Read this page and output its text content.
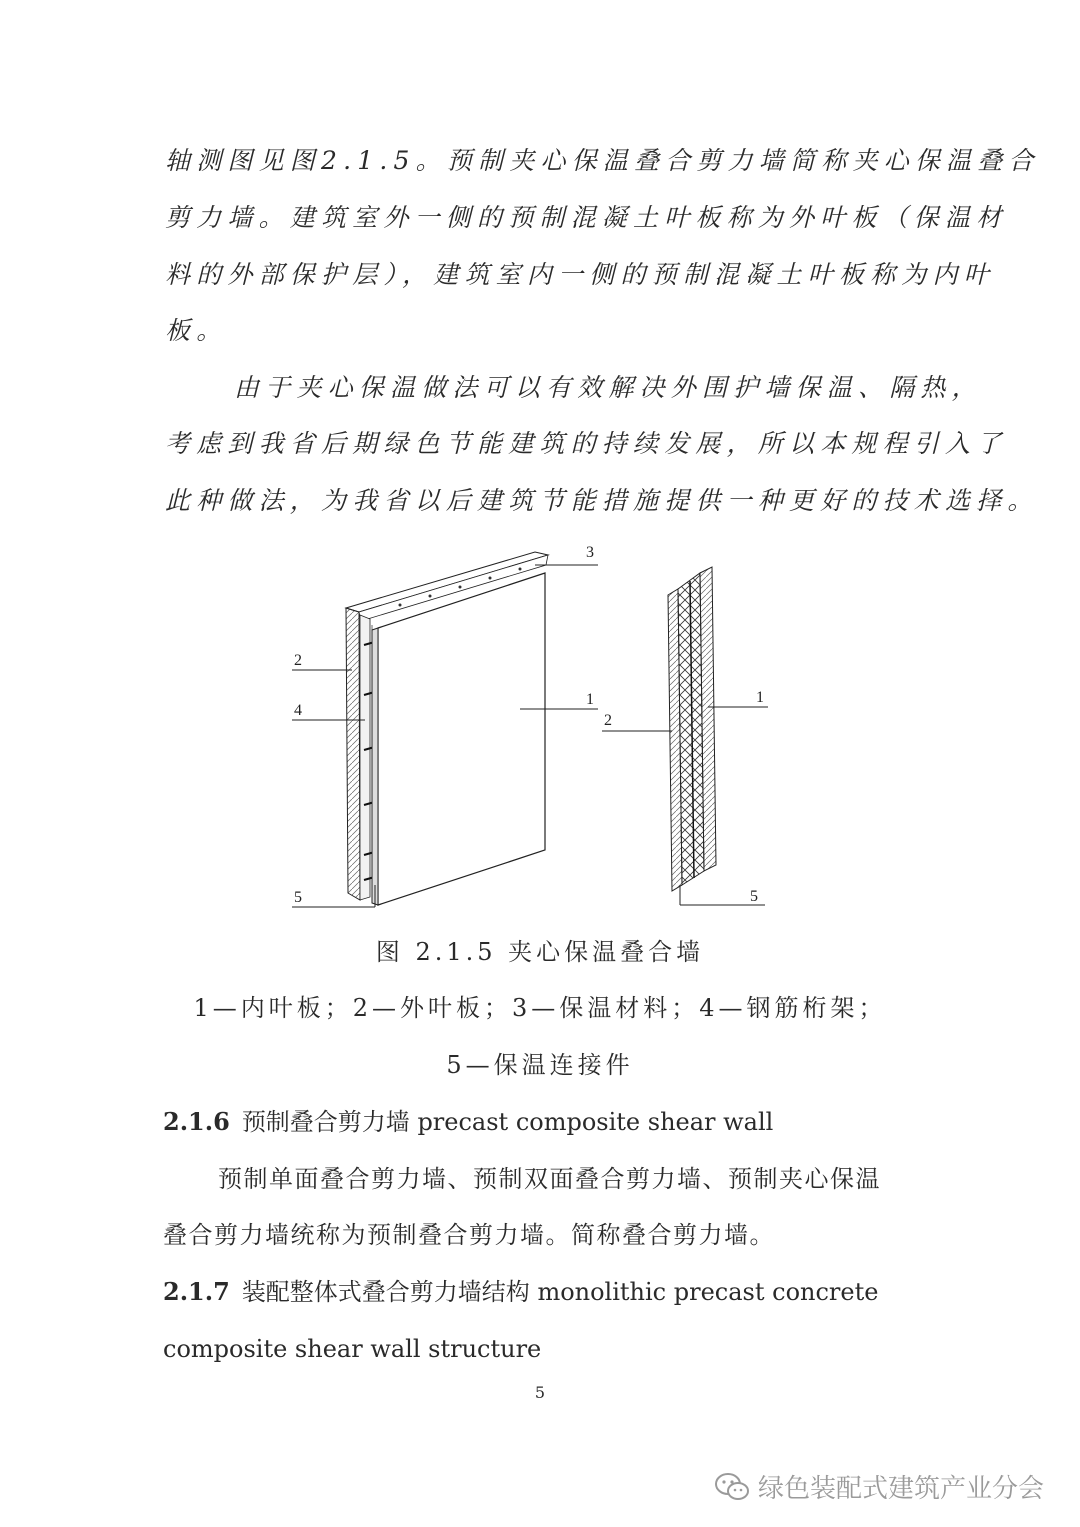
轴测图见图2.1.5。预制夹心保温叠合剪力墙简称夹心保温叠合
剪力墙。建筑室外一侧的预制混凝土叶板称为外叶板（保温材
料的外部保护层），建筑室内一侧的预制混凝土叶板称为内叶
板。
由于夹心保温做法可以有效解决外围护墙保温、隔热，
考虑到我省后期绿色节能建筑的持续发展，所以本规程引入了
此种做法，为我省以后建筑节能措施提供一种更好的技术选择。
3
2
4
1
5
1
2
5
图 2.1.5 夹心保温叠合墙
1—内叶板；2—外叶板；3—保温材料；4—钢筋桁架；
5—保温连接件
2.1.6 预制叠合剪力墙 precast composite shear wall
预制单面叠合剪力墙、预制双面叠合剪力墙、预制夹心保温
叠合剪力墙统称为预制叠合剪力墙。简称叠合剪力墙。
2.1.7 装配整体式叠合剪力墙结构 monolithic precast concrete
composite shear wall structure
5
绿色装配式建筑产业分会
